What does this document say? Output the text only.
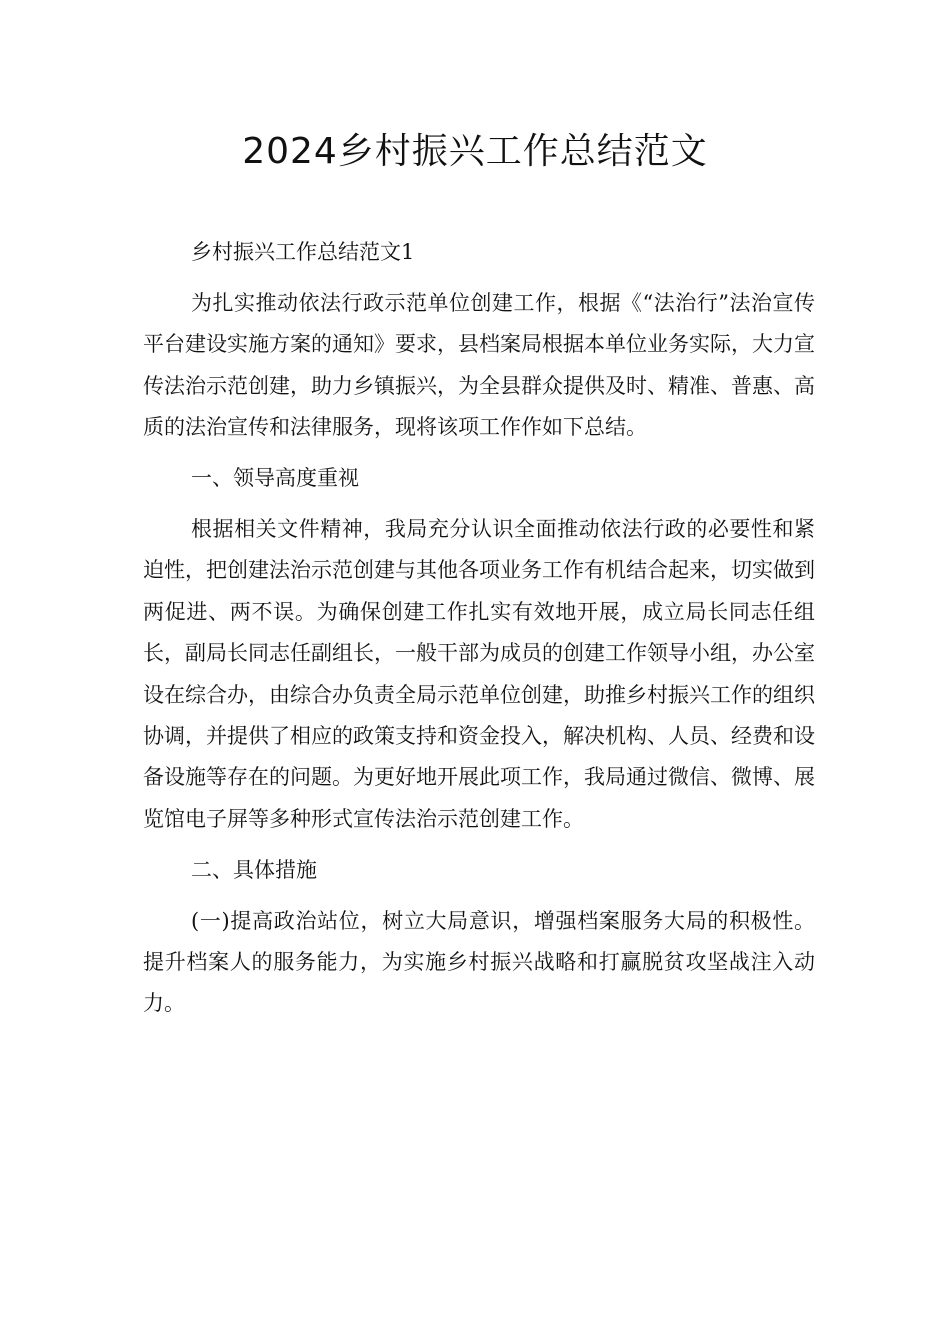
2024乡村振兴工作总结范文

乡村振兴工作总结范文1

为扎实推动依法行政示范单位创建工作，根据《“法治行”法治宣传平台建设实施方案的通知》要求，县档案局根据本单位业务实际，大力宣传法治示范创建，助力乡镇振兴，为全县群众提供及时、精准、普惠、高质的法治宣传和法律服务，现将该项工作作如下总结。

一、领导高度重视

根据相关文件精神，我局充分认识全面推动依法行政的必要性和紧迫性，把创建法治示范创建与其他各项业务工作有机结合起来，切实做到两促进、两不误。为确保创建工作扎实有效地开展，成立局长同志任组长，副局长同志任副组长，一般干部为成员的创建工作领导小组，办公室设在综合办，由综合办负责全局示范单位创建，助推乡村振兴工作的组织协调，并提供了相应的政策支持和资金投入，解决机构、人员、经费和设备设施等存在的问题。为更好地开展此项工作，我局通过微信、微博、展览馆电子屏等多种形式宣传法治示范创建工作。

二、具体措施

(一)提高政治站位，树立大局意识，增强档案服务大局的积极性。提升档案人的服务能力，为实施乡村振兴战略和打赢脱贫攻坚战注入动力。
